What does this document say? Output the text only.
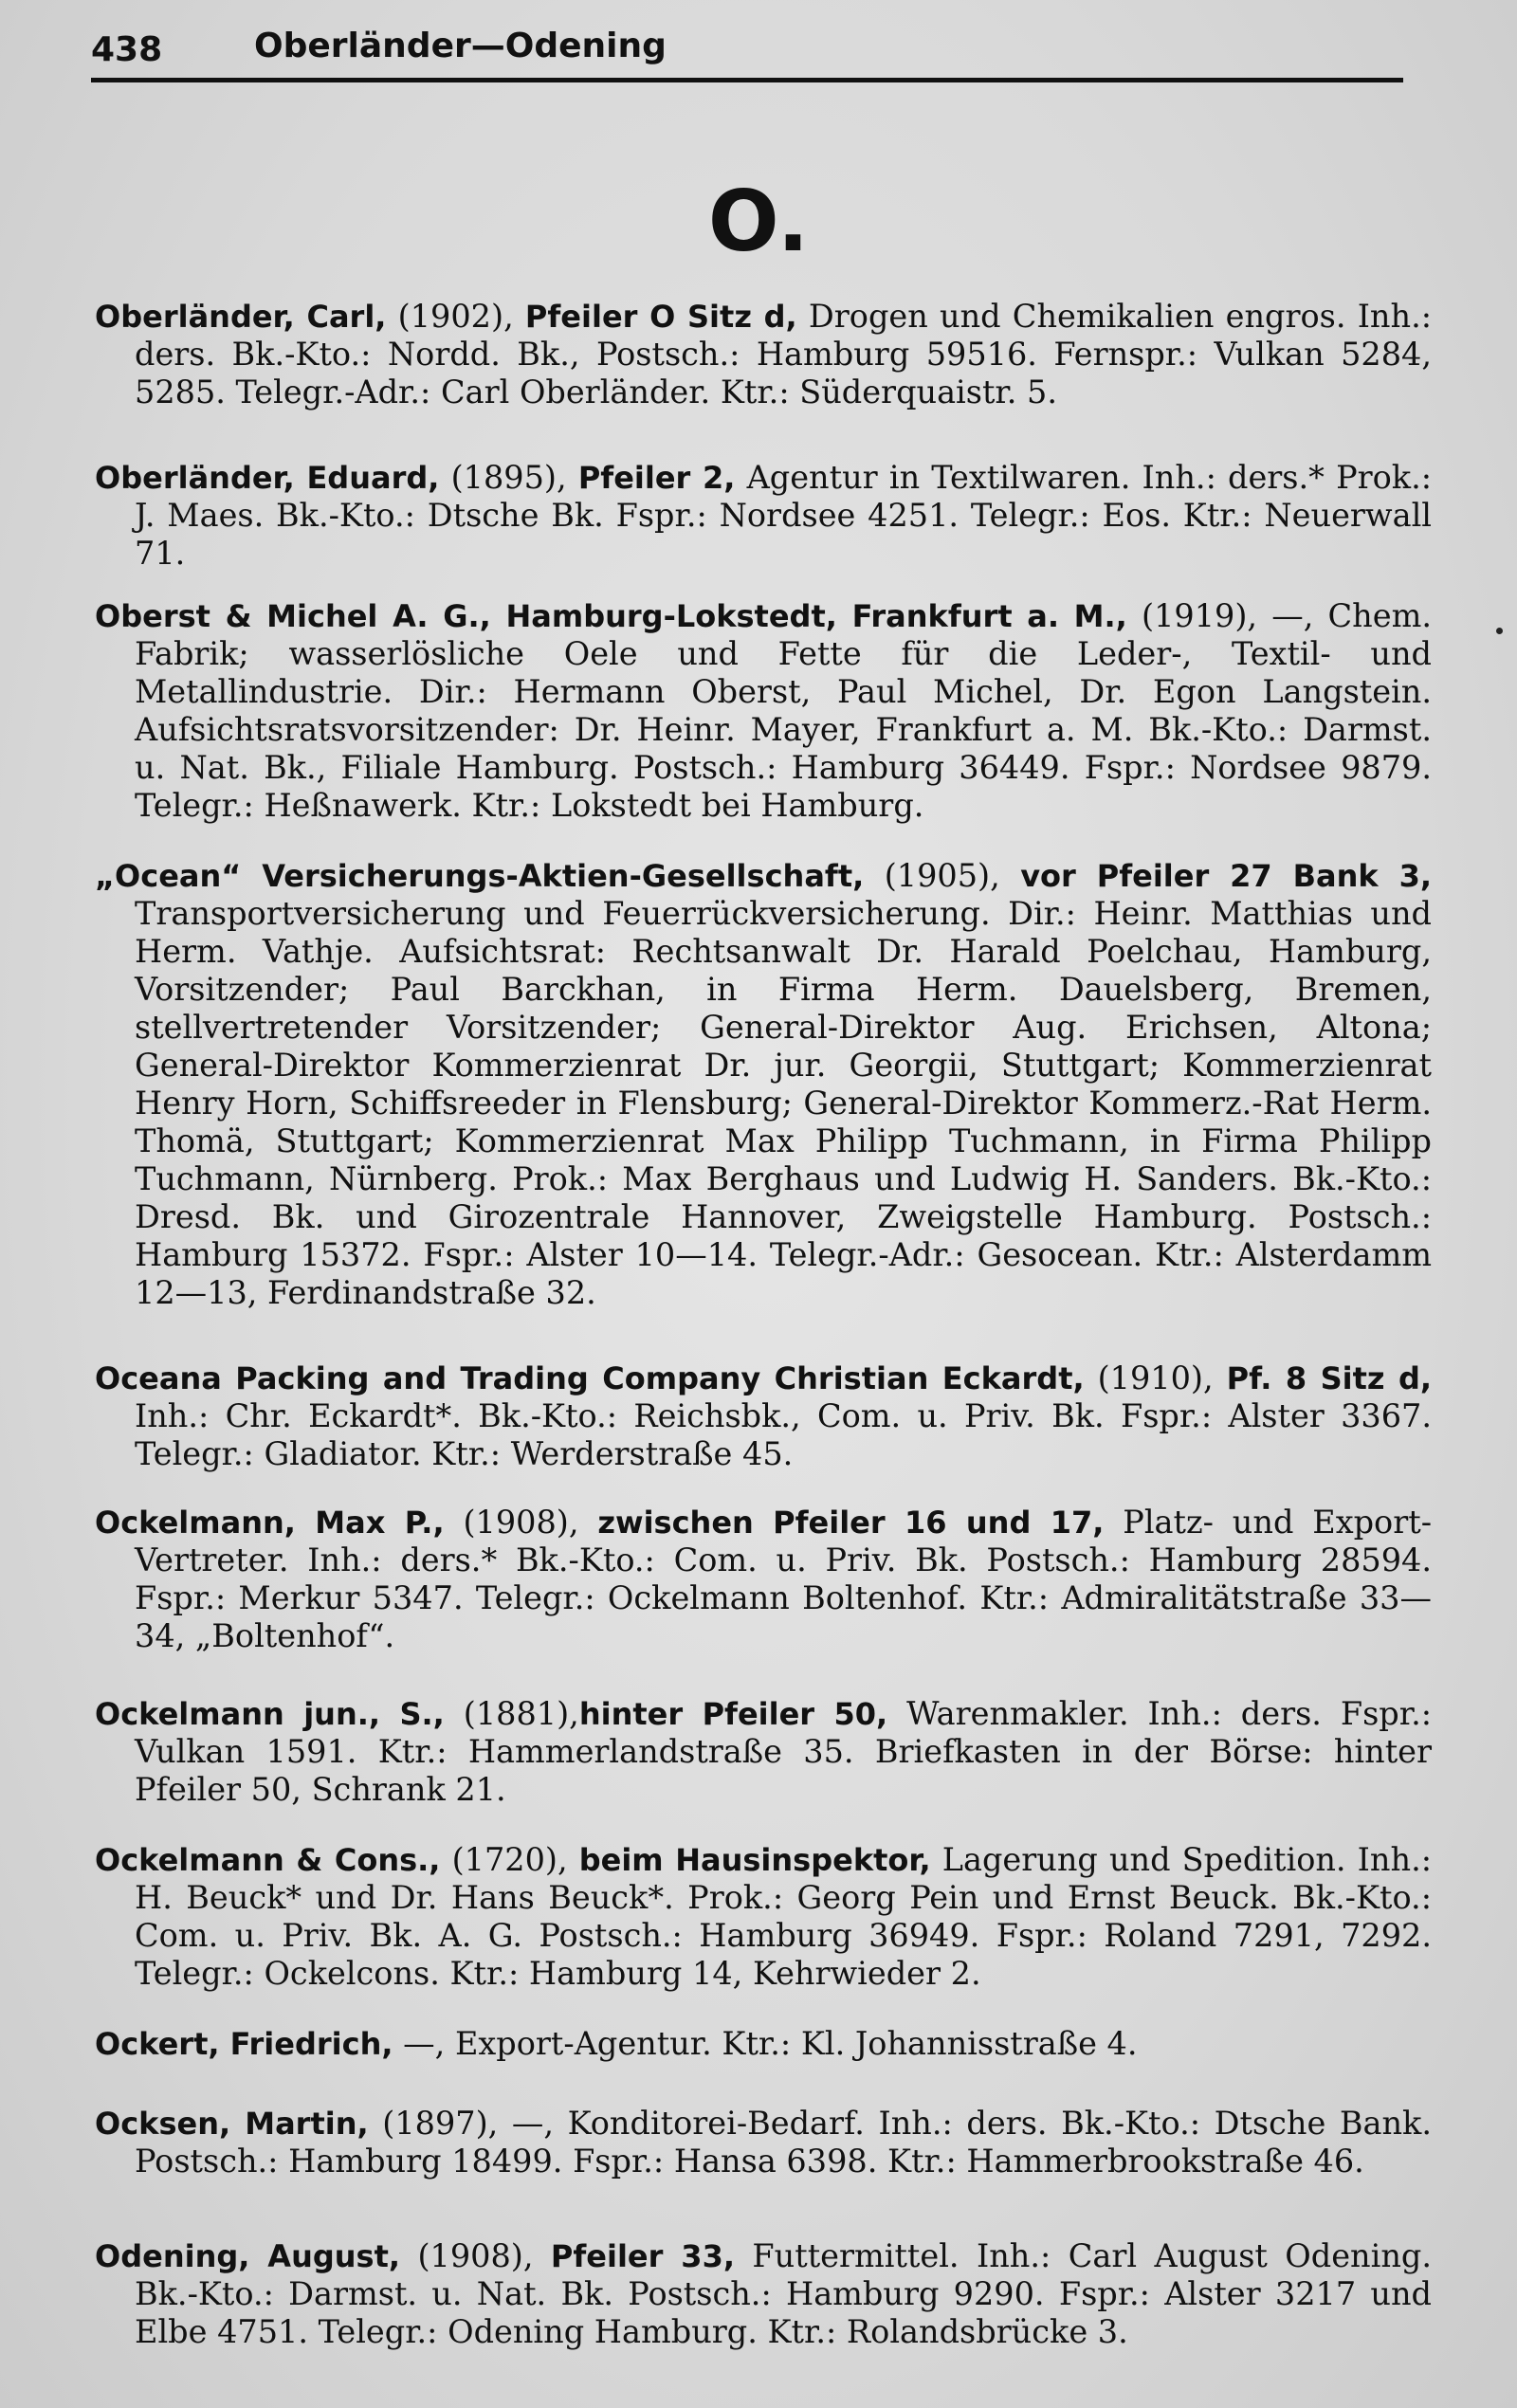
438	Oberländer—Odening
O.

Oberländer, Carl, (1902), Pfeiler O Sitz d, Drogen und Chemikalien engros. Inh.: ders. Bk.-Kto.: Nordd. Bk., Postsch.: Hamburg 59516. Fernspr.: Vulkan 5284, 5285. Telegr.-Adr.: Carl Oberländer. Ktr.: Süderquaistr. 5.

Oberländer, Eduard, (1895), Pfeiler 2, Agentur in Textilwaren. Inh.: ders.* Prok.: J. Maes. Bk.-Kto.: Dtsche Bk. Fspr.: Nordsee 4251. Telegr.: Eos. Ktr.: Neuerwall 71.

Oberst & Michel A. G., Hamburg-Lokstedt, Frankfurt a. M., (1919), —, Chem. Fabrik; wasserlösliche Oele und Fette für die Leder-, Textil- und Metallindustrie. Dir.: Hermann Oberst, Paul Michel, Dr. Egon Langstein. Aufsichtsratsvorsitzender: Dr. Heinr. Mayer, Frankfurt a. M. Bk.-Kto.: Darmst. u. Nat. Bk., Filiale Hamburg. Postsch.: Hamburg 36449. Fspr.: Nordsee 9879. Telegr.: Heßnawerk. Ktr.: Lokstedt bei Hamburg.

„Ocean“ Versicherungs-Aktien-Gesellschaft, (1905), vor Pfeiler 27 Bank 3, Transportversicherung und Feuerrückversicherung. Dir.: Heinr. Matthias und Herm. Vathje. Aufsichtsrat: Rechtsanwalt Dr. Harald Poelchau, Hamburg, Vorsitzender; Paul Barckhan, in Firma Herm. Dauelsberg, Bremen, stellvertretender Vorsitzender; General-Direktor Aug. Erichsen, Altona; General-Direktor Kommerzienrat Dr. jur. Georgii, Stuttgart; Kommerzienrat Henry Horn, Schiffsreeder in Flensburg; General-Direktor Kommerz.-Rat Herm. Thomä, Stuttgart; Kommerzienrat Max Philipp Tuchmann, in Firma Philipp Tuchmann, Nürnberg. Prok.: Max Berghaus und Ludwig H. Sanders. Bk.-Kto.: Dresd. Bk. und Girozentrale Hannover, Zweigstelle Hamburg. Postsch.: Hamburg 15372. Fspr.: Alster 10—14. Telegr.-Adr.: Gesocean. Ktr.: Alsterdamm 12—13, Ferdinandstraße 32.

Oceana Packing and Trading Company Christian Eckardt, (1910), Pf. 8 Sitz d, Inh.: Chr. Eckardt*. Bk.-Kto.: Reichsbk., Com. u. Priv. Bk. Fspr.: Alster 3367. Telegr.: Gladiator. Ktr.: Werderstraße 45.

Ockelmann, Max P., (1908), zwischen Pfeiler 16 und 17, Platz- und Export-Vertreter. Inh.: ders.* Bk.-Kto.: Com. u. Priv. Bk. Postsch.: Hamburg 28594. Fspr.: Merkur 5347. Telegr.: Ockelmann Boltenhof. Ktr.: Admiralitätstraße 33—34, „Boltenhof“.

Ockelmann jun., S., (1881),hinter Pfeiler 50, Warenmakler. Inh.: ders. Fspr.: Vulkan 1591. Ktr.: Hammerlandstraße 35. Briefkasten in der Börse: hinter Pfeiler 50, Schrank 21.

Ockelmann & Cons., (1720), beim Hausinspektor, Lagerung und Spedition. Inh.: H. Beuck* und Dr. Hans Beuck*. Prok.: Georg Pein und Ernst Beuck. Bk.-Kto.: Com. u. Priv. Bk. A. G. Postsch.: Hamburg 36949. Fspr.: Roland 7291, 7292. Telegr.: Ockelcons. Ktr.: Hamburg 14, Kehrwieder 2.

Ockert, Friedrich, —, Export-Agentur. Ktr.: Kl. Johannisstraße 4.

Ocksen, Martin, (1897), —, Konditorei-Bedarf. Inh.: ders. Bk.-Kto.: Dtsche Bank. Postsch.: Hamburg 18499. Fspr.: Hansa 6398. Ktr.: Hammerbrookstraße 46.

Odening, August, (1908), Pfeiler 33, Futtermittel. Inh.: Carl August Odening. Bk.-Kto.: Darmst. u. Nat. Bk. Postsch.: Hamburg 9290. Fspr.: Alster 3217 und Elbe 4751. Telegr.: Odening Hamburg. Ktr.: Rolandsbrücke 3.
